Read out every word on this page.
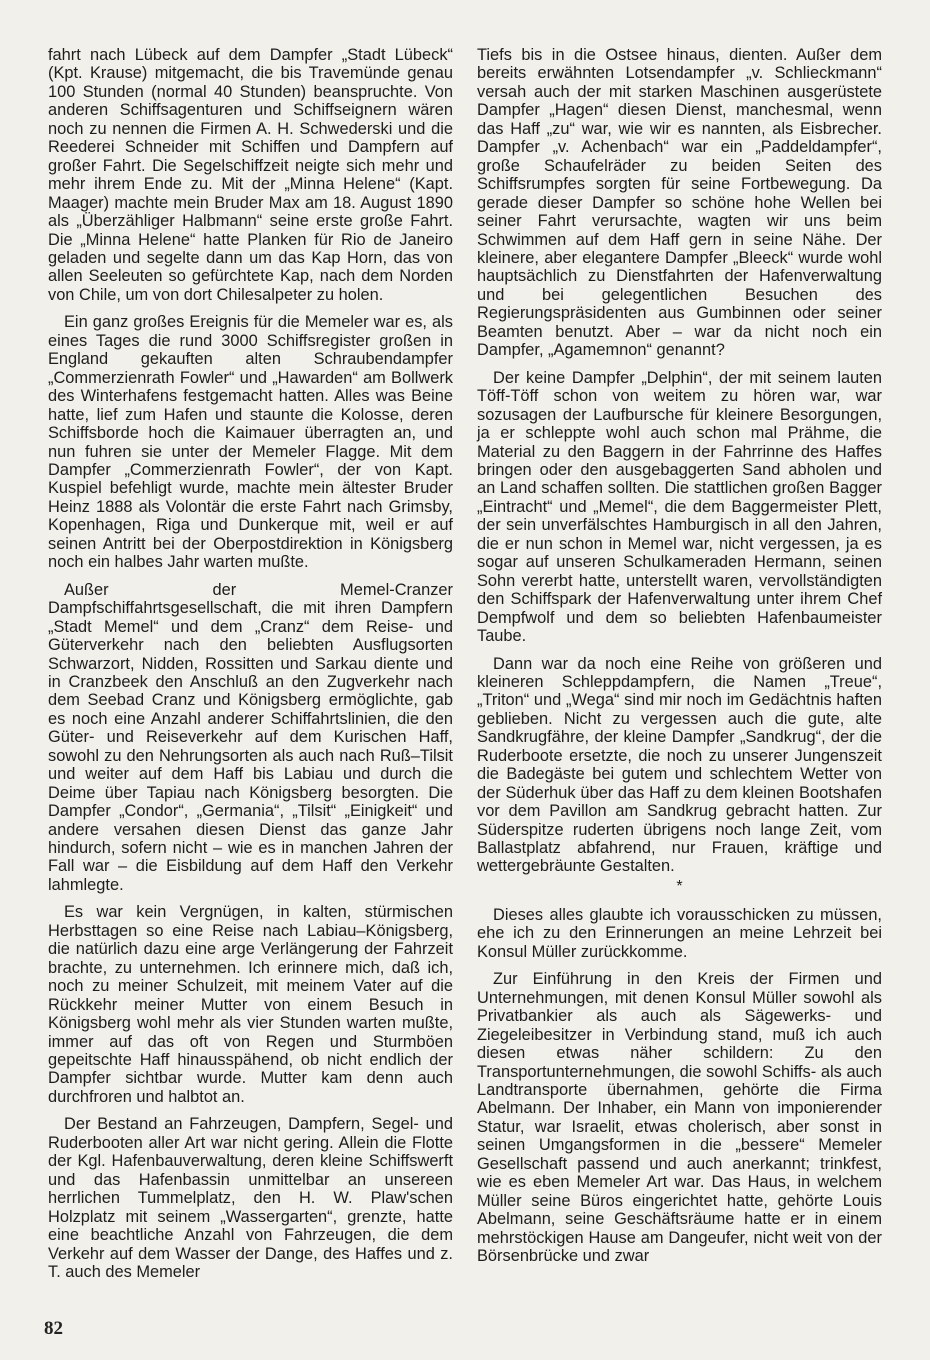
fahrt nach Lübeck auf dem Dampfer „Stadt Lübeck“ (Kpt. Krause) mitgemacht, die bis Travemünde genau 100 Stunden (normal 40 Stunden) beanspruchte. Von anderen Schiffsagenturen und Schiffseignern wären noch zu nennen die Firmen A. H. Schwederski und die Reederei Schneider mit Schiffen und Dampfern auf großer Fahrt. Die Segelschiffzeit neigte sich mehr und mehr ihrem Ende zu. Mit der „Minna Helene“ (Kapt. Maager) machte mein Bruder Max am 18. August 1890 als „Überzähliger Halbmann“ seine erste große Fahrt. Die „Minna Helene“ hatte Planken für Rio de Janeiro geladen und segelte dann um das Kap Horn, das von allen Seeleuten so gefürchtete Kap, nach dem Norden von Chile, um von dort Chilesalpeter zu holen.

Ein ganz großes Ereignis für die Memeler war es, als eines Tages die rund 3000 Schiffsregister großen in England gekauften alten Schraubendampfer „Commerzienrath Fowler“ und „Hawarden“ am Bollwerk des Winterhafens festgemacht hatten. Alles was Beine hatte, lief zum Hafen und staunte die Kolosse, deren Schiffsborde hoch die Kaimauer überragten an, und nun fuhren sie unter der Memeler Flagge. Mit dem Dampfer „Commerzienrath Fowler“, der von Kapt. Kuspiel befehligt wurde, machte mein ältester Bruder Heinz 1888 als Volontär die erste Fahrt nach Grimsby, Kopenhagen, Riga und Dunkerque mit, weil er auf seinen Antritt bei der Oberpostdirektion in Königsberg noch ein halbes Jahr warten mußte.

Außer der Memel-Cranzer Dampfschiffahrtsgesellschaft, die mit ihren Dampfern „Stadt Memel“ und dem „Cranz“ dem Reise- und Güterverkehr nach den beliebten Ausflugsorten Schwarzort, Nidden, Rossitten und Sarkau diente und in Cranzbeek den Anschluß an den Zugverkehr nach dem Seebad Cranz und Königsberg ermöglichte, gab es noch eine Anzahl anderer Schiffahrtslinien, die den Güter- und Reiseverkehr auf dem Kurischen Haff, sowohl zu den Nehrungsorten als auch nach Ruß–Tilsit und weiter auf dem Haff bis Labiau und durch die Deime über Tapiau nach Königsberg besorgten. Die Dampfer „Condor“, „Germania“, „Tilsit“ „Einigkeit“ und andere versahen diesen Dienst das ganze Jahr hindurch, sofern nicht – wie es in manchen Jahren der Fall war – die Eisbildung auf dem Haff den Verkehr lahmlegte.

Es war kein Vergnügen, in kalten, stürmischen Herbsttagen so eine Reise nach Labiau–Königsberg, die natürlich dazu eine arge Verlängerung der Fahrzeit brachte, zu unternehmen. Ich erinnere mich, daß ich, noch zu meiner Schulzeit, mit meinem Vater auf die Rückkehr meiner Mutter von einem Besuch in Königsberg wohl mehr als vier Stunden warten mußte, immer auf das oft von Regen und Sturmböen gepeitschte Haff hinausspähend, ob nicht endlich der Dampfer sichtbar wurde. Mutter kam denn auch durchfroren und halbtot an.

Der Bestand an Fahrzeugen, Dampfern, Segel- und Ruderbooten aller Art war nicht gering. Allein die Flotte der Kgl. Hafenbauverwaltung, deren kleine Schiffswerft und das Hafenbassin unmittelbar an unsereen herrlichen Tummelplatz, den H. W. Plaw'schen Holzplatz mit seinem „Wassergarten“, grenzte, hatte eine beachtliche Anzahl von Fahrzeugen, die dem Verkehr auf dem Wasser der Dange, des Haffes und z. T. auch des Memeler

Tiefs bis in die Ostsee hinaus, dienten. Außer dem bereits erwähnten Lotsendampfer „v. Schlieckmann“ versah auch der mit starken Maschinen ausgerüstete Dampfer „Hagen“ diesen Dienst, manchesmal, wenn das Haff „zu“ war, wie wir es nannten, als Eisbrecher. Dampfer „v. Achenbach“ war ein „Paddeldampfer“, große Schaufelräder zu beiden Seiten des Schiffsrumpfes sorgten für seine Fortbewegung. Da gerade dieser Dampfer so schöne hohe Wellen bei seiner Fahrt verursachte, wagten wir uns beim Schwimmen auf dem Haff gern in seine Nähe. Der kleinere, aber elegantere Dampfer „Bleeck“ wurde wohl hauptsächlich zu Dienstfahrten der Hafenverwaltung und bei gelegentlichen Besuchen des Regierungspräsidenten aus Gumbinnen oder seiner Beamten benutzt. Aber – war da nicht noch ein Dampfer, „Agamemnon“ genannt?

Der keine Dampfer „Delphin“, der mit seinem lauten Töff-Töff schon von weitem zu hören war, war sozusagen der Laufbursche für kleinere Besorgungen, ja er schleppte wohl auch schon mal Prähme, die Material zu den Baggern in der Fahrrinne des Haffes bringen oder den ausgebaggerten Sand abholen und an Land schaffen sollten. Die stattlichen großen Bagger „Eintracht“ und „Memel“, die dem Baggermeister Plett, der sein unverfälschtes Hamburgisch in all den Jahren, die er nun schon in Memel war, nicht vergessen, ja es sogar auf unseren Schulkameraden Hermann, seinen Sohn vererbt hatte, unterstellt waren, vervollständigten den Schiffspark der Hafenverwaltung unter ihrem Chef Dempfwolf und dem so beliebten Hafenbaumeister Taube.

Dann war da noch eine Reihe von größeren und kleineren Schleppdampfern, die Namen „Treue“, „Triton“ und „Wega“ sind mir noch im Gedächtnis haften geblieben. Nicht zu vergessen auch die gute, alte Sandkrugfähre, der kleine Dampfer „Sandkrug“, der die Ruderboote ersetzte, die noch zu unserer Jungenszeit die Badegäste bei gutem und schlechtem Wetter von der Süderhuk über das Haff zu dem kleinen Bootshafen vor dem Pavillon am Sandkrug gebracht hatten. Zur Süderspitze ruderten übrigens noch lange Zeit, vom Ballastplatz abfahrend, nur Frauen, kräftige und wettergebräunte Gestalten.

*

Dieses alles glaubte ich vorausschicken zu müssen, ehe ich zu den Erinnerungen an meine Lehrzeit bei Konsul Müller zurückkomme.

Zur Einführung in den Kreis der Firmen und Unternehmungen, mit denen Konsul Müller sowohl als Privatbankier als auch als Sägewerks- und Ziegeleibesitzer in Verbindung stand, muß ich auch diesen etwas näher schildern: Zu den Transportunternehmungen, die sowohl Schiffs- als auch Landtransporte übernahmen, gehörte die Firma Abelmann. Der Inhaber, ein Mann von imponierender Statur, war Israelit, etwas cholerisch, aber sonst in seinen Umgangsformen in die „bessere“ Memeler Gesellschaft passend und auch anerkannt; trinkfest, wie es eben Memeler Art war. Das Haus, in welchem Müller seine Büros eingerichtet hatte, gehörte Louis Abelmann, seine Geschäftsräume hatte er in einem mehrstöckigen Hause am Dangeufer, nicht weit von der Börsenbrücke und zwar

82
